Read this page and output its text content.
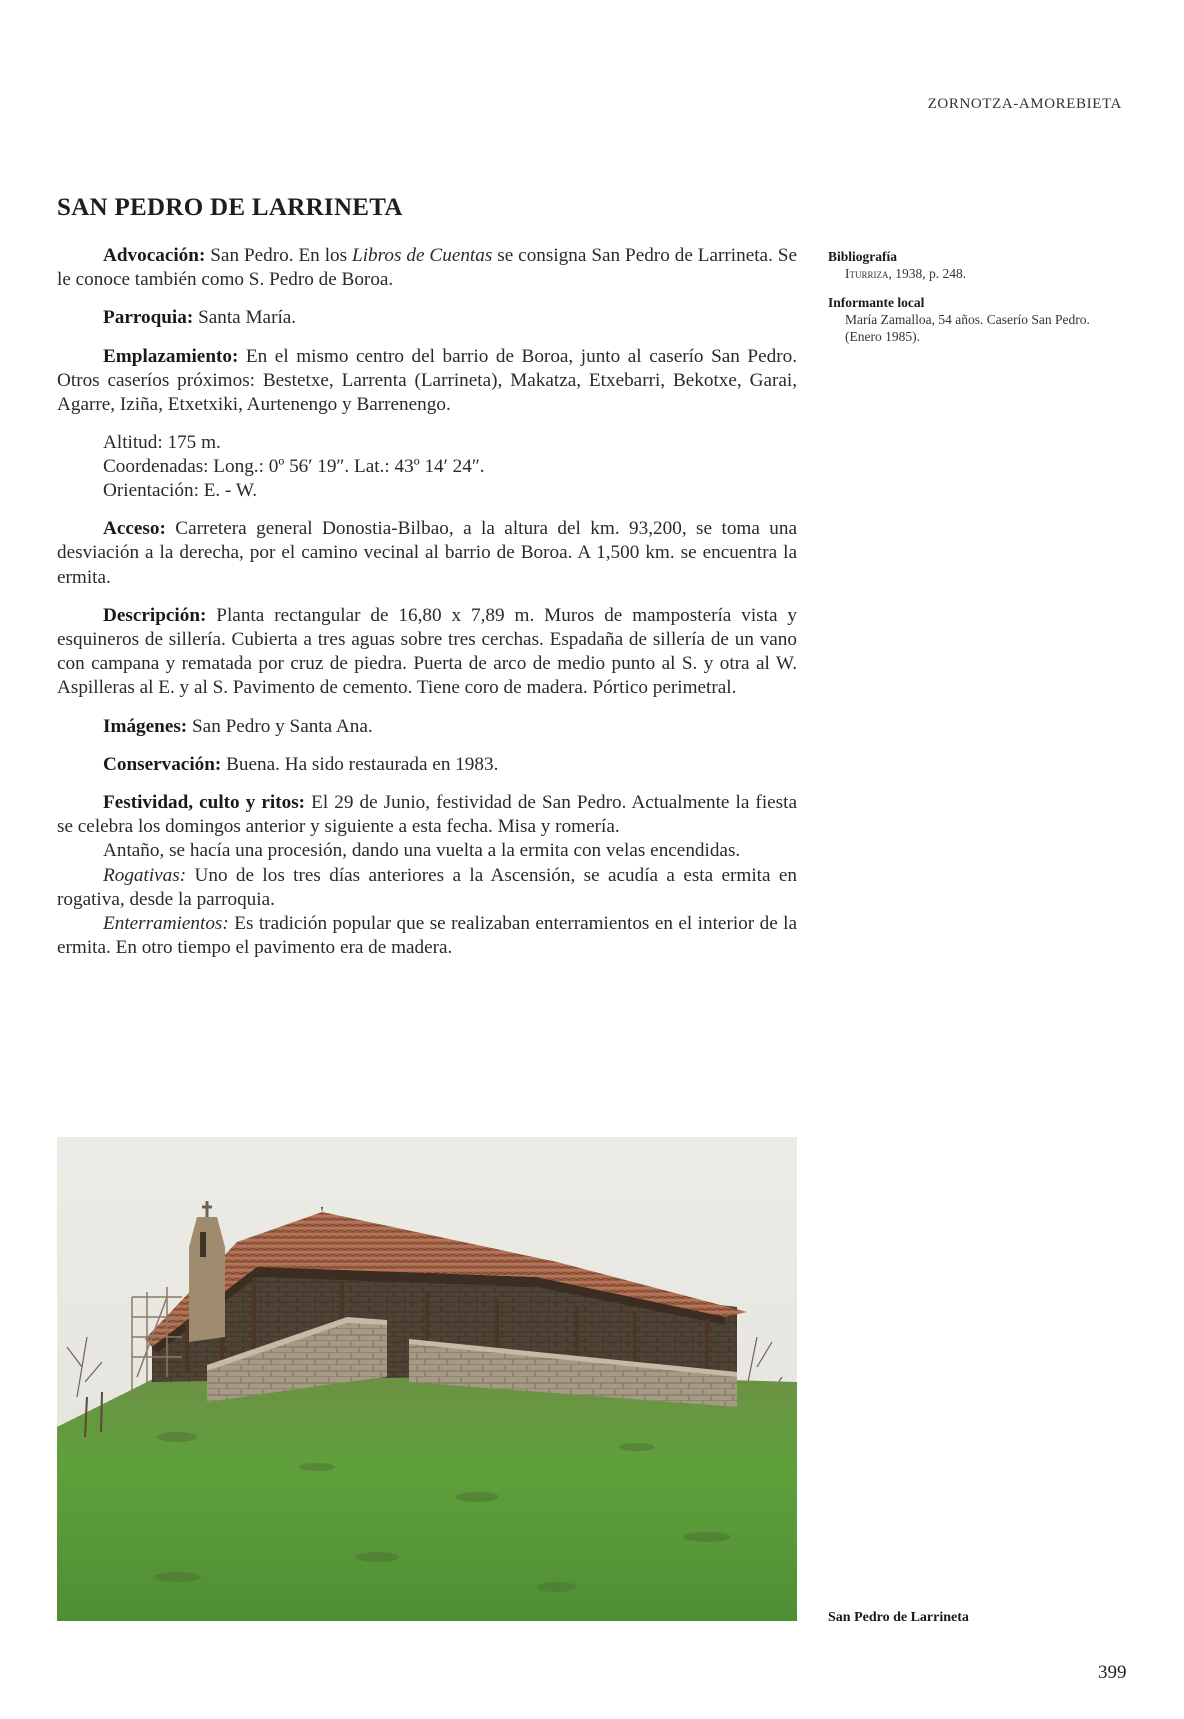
ZORNOTZA-AMOREBIETA
SAN PEDRO DE LARRINETA

Advocación: San Pedro. En los Libros de Cuentas se consigna San Pedro de Larrineta. Se le conoce también como S. Pedro de Boroa.

Parroquia: Santa María.

Emplazamiento: En el mismo centro del barrio de Boroa, junto al caserío San Pedro. Otros caseríos próximos: Bestetxe, Larrenta (Larrineta), Makatza, Etxebarri, Bekotxe, Garai, Agarre, Iziña, Etxetxiki, Aurtenengo y Barrenengo.

Altitud: 175 m.
Coordenadas: Long.: 0º 56′ 19″. Lat.: 43º 14′ 24″.
Orientación: E. - W.

Acceso: Carretera general Donostia-Bilbao, a la altura del km. 93,200, se toma una desviación a la derecha, por el camino vecinal al barrio de Boroa. A 1,500 km. se encuentra la ermita.

Descripción: Planta rectangular de 16,80 x 7,89 m. Muros de mampostería vista y esquineros de sillería. Cubierta a tres aguas sobre tres cerchas. Espadaña de sillería de un vano con campana y rematada por cruz de piedra. Puerta de arco de medio punto al S. y otra al W. Aspilleras al E. y al S. Pavimento de cemento. Tiene coro de madera. Pórtico perimetral.

Imágenes: San Pedro y Santa Ana.

Conservación: Buena. Ha sido restaurada en 1983.

Festividad, culto y ritos: El 29 de Junio, festividad de San Pedro. Actualmente la fiesta se celebra los domingos anterior y siguiente a esta fecha. Misa y romería.

Antaño, se hacía una procesión, dando una vuelta a la ermita con velas encendidas.

Rogativas: Uno de los tres días anteriores a la Ascensión, se acudía a esta ermita en rogativa, desde la parroquia.

Enterramientos: Es tradición popular que se realizaban enterramientos en el interior de la ermita. En otro tiempo el pavimento era de madera.

Bibliografía
Iturriza, 1938, p. 248.
Informante local
María Zamalloa, 54 años. Caserío San Pedro. (Enero 1985).
San Pedro de Larrineta
399
